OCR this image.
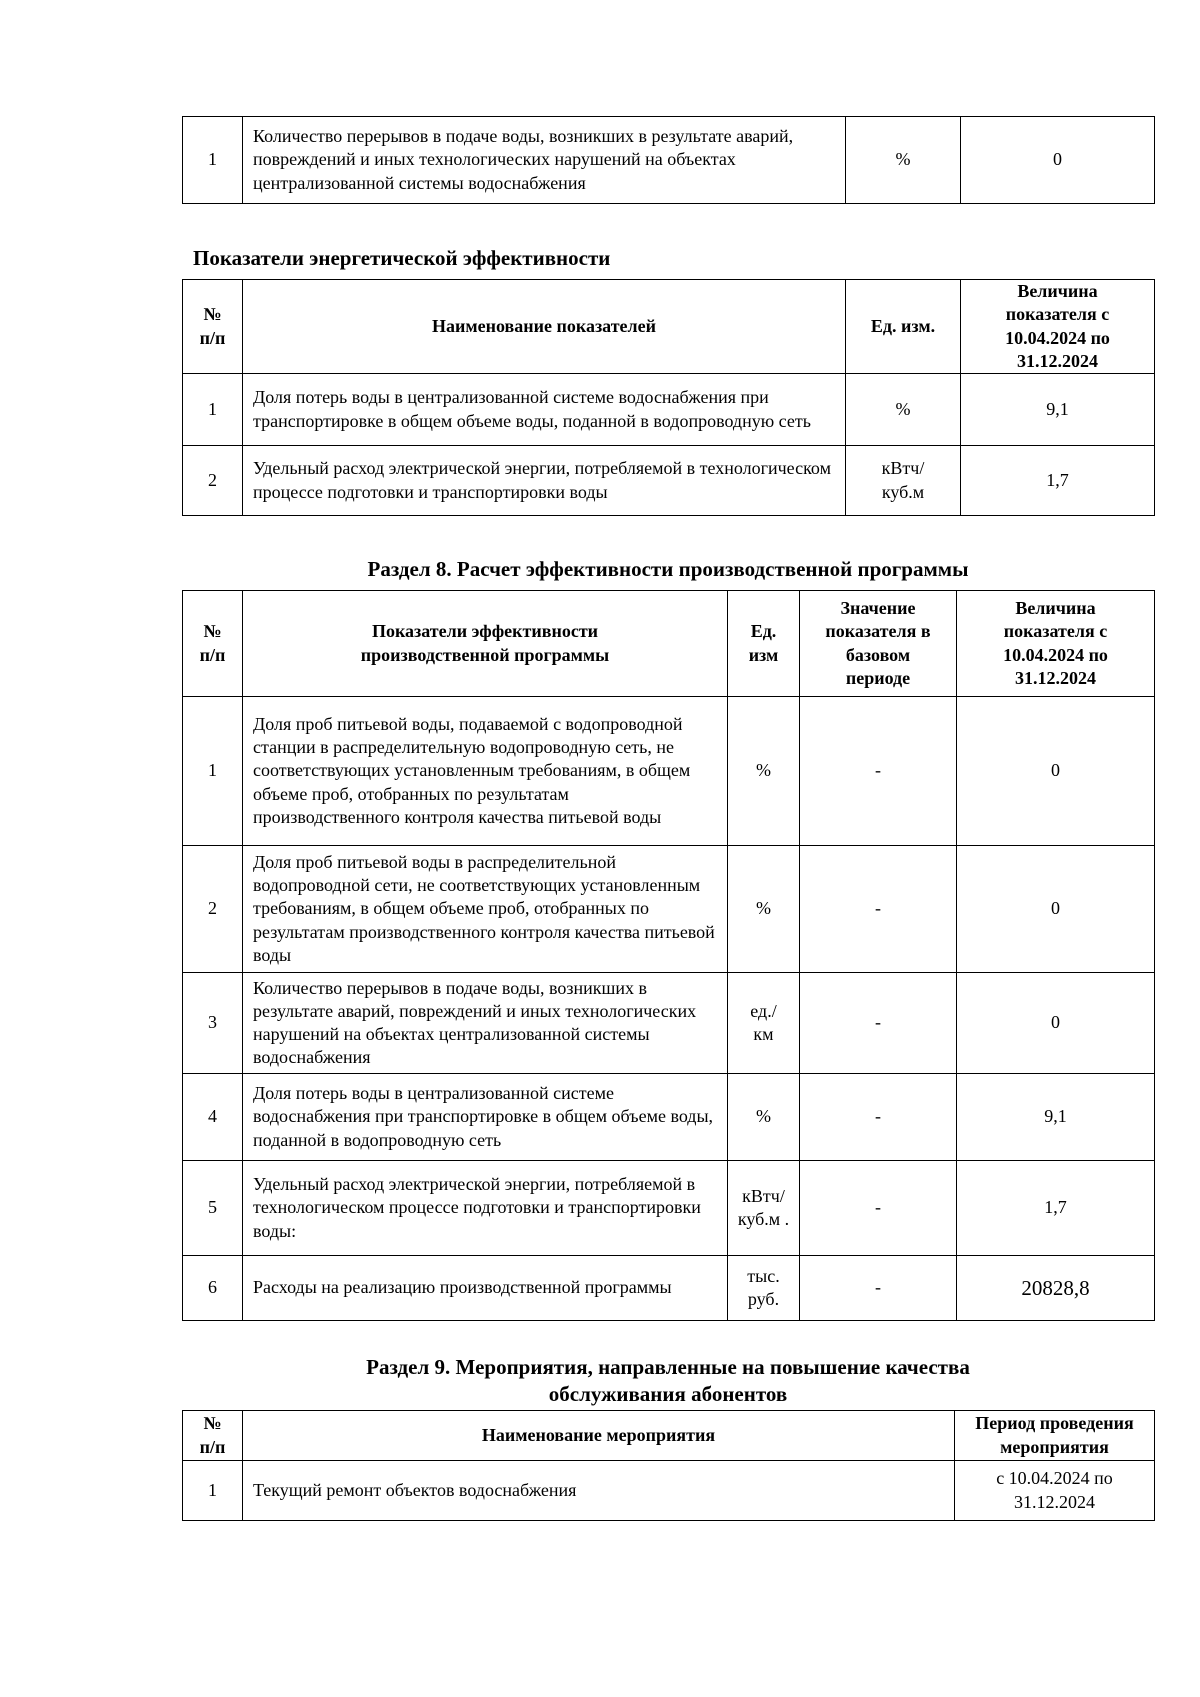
1	Количество перерывов в подаче воды, возникших в результате аварий, повреждений и иных технологических нарушений на объектах централизованной системы водоснабжения	%	0
Показатели энергетической эффективности
№ п/п	Наименование показателей	Ед. изм.	Величина показателя с 10.04.2024 по 31.12.2024
1	Доля потерь воды в централизованной системе водоснабжения при транспортировке в общем объеме воды, поданной в водопроводную сеть	%	9,1
2	Удельный расход электрической энергии, потребляемой в технологическом процессе подготовки и транспортировки воды	кВтч/ куб.м	1,7
Раздел 8. Расчет эффективности производственной программы
№ п/п	Показатели эффективности производственной программы	Ед. изм	Значение показателя в базовом периоде	Величина показателя с 10.04.2024 по 31.12.2024
1	Доля проб питьевой воды, подаваемой с водопроводной станции в распределительную водопроводную сеть, не соответствующих установленным требованиям, в общем объеме проб, отобранных по результатам производственного контроля качества питьевой воды	%	-	0
2	Доля проб питьевой воды в распределительной водопроводной сети, не соответствующих установленным требованиям, в общем объеме проб, отобранных по результатам производственного контроля качества питьевой воды	%	-	0
3	Количество перерывов в подаче воды, возникших в результате аварий, повреждений и иных технологических нарушений на объектах централизованной системы водоснабжения	ед./ км	-	0
4	Доля потерь воды в централизованной системе водоснабжения при транспортировке в общем объеме воды, поданной в водопроводную сеть	%	-	9,1
5	Удельный расход электрической энергии, потребляемой в технологическом процессе подготовки и транспортировки воды:	кВтч/ куб.м .	-	1,7
6	Расходы на реализацию производственной программы	тыс. руб.	-	20828,8
Раздел 9. Мероприятия, направленные на повышение качества
обслуживания абонентов
№ п/п	Наименование мероприятия	Период проведения мероприятия
1	Текущий ремонт объектов водоснабжения	с 10.04.2024 по 31.12.2024
